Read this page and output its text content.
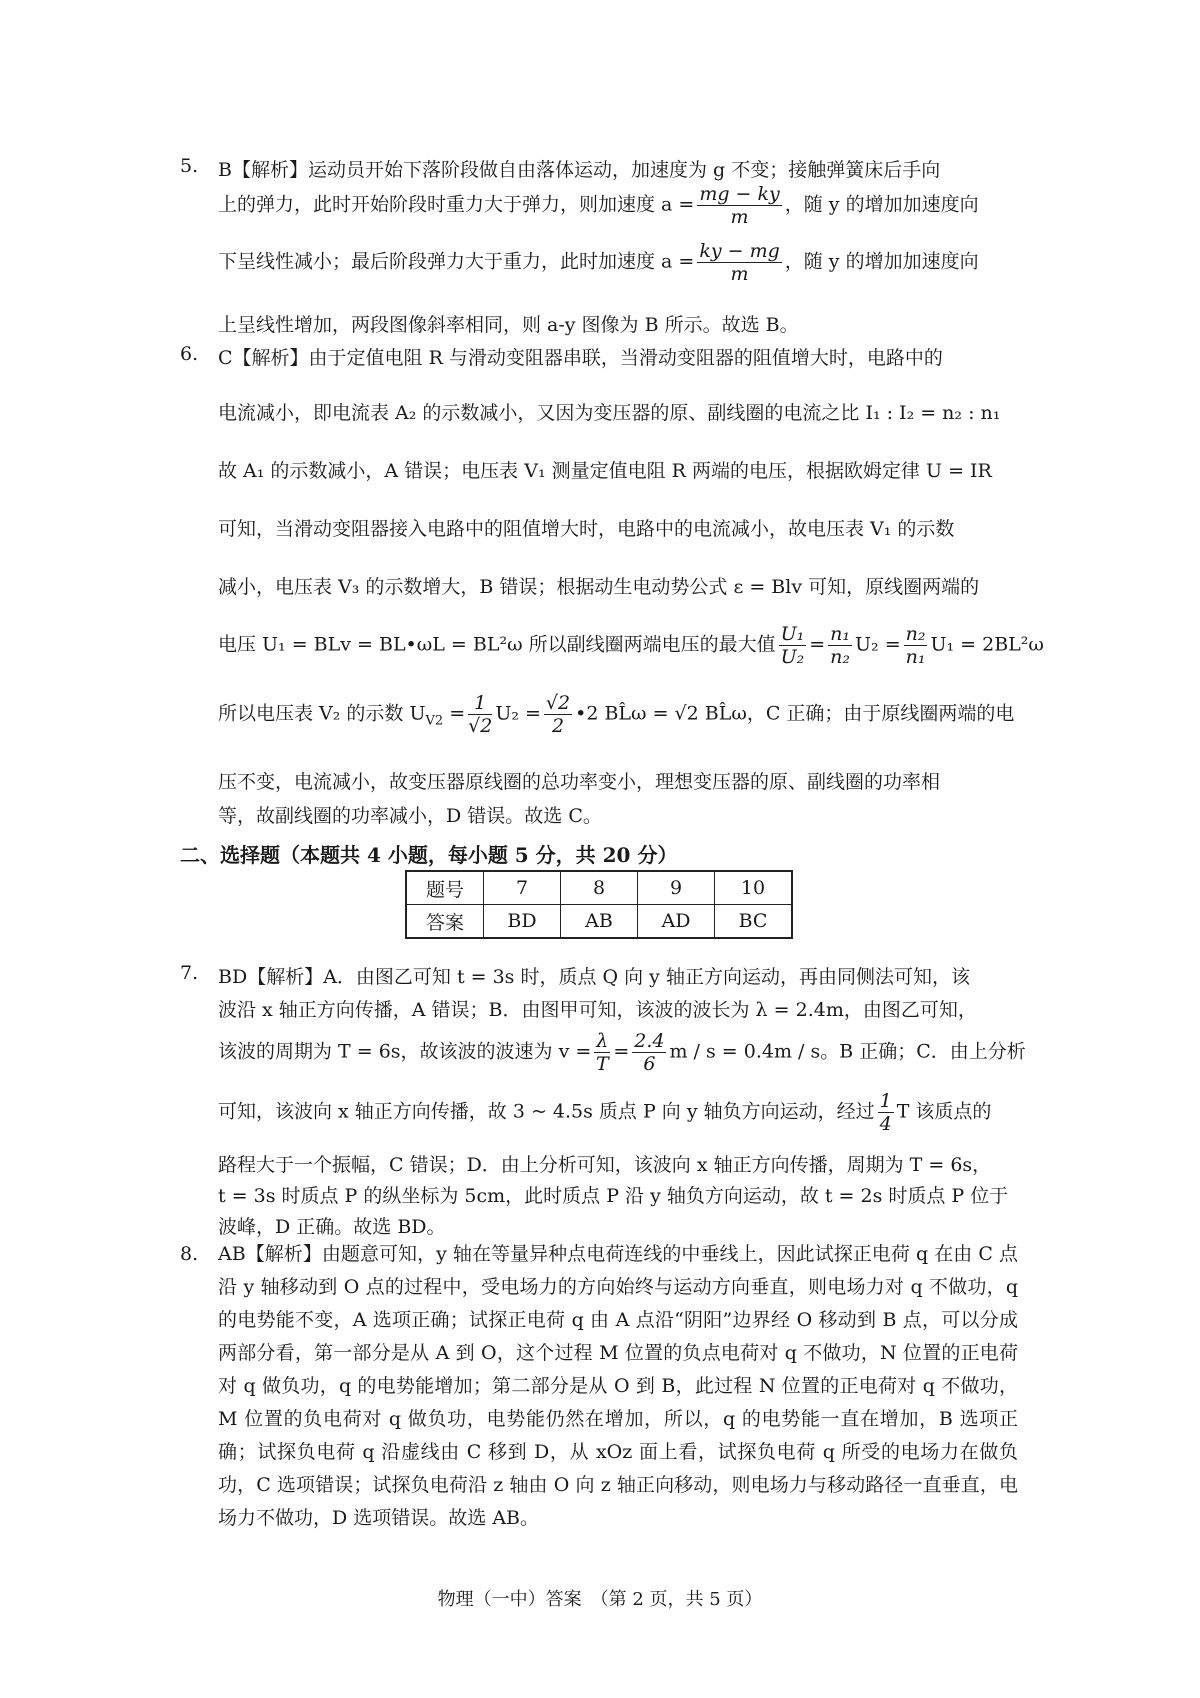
5. B【解析】运动员开始下落阶段做自由落体运动，加速度为 g 不变；接触弹簧床后手向
上的弹力，此时开始阶段时重力大于弹力，则加速度 $a = \frac{mg - ky}{m}$ ，随 y 的增加加速度向
下呈线性减小；最后阶段弹力大于重力，此时加速度 $a = \frac{ky - mg}{m}$ ，随 y 的增加加速度向
上呈线性增加，两段图像斜率相同，则 a-y 图像为 B 所示。故选 B。
6. C【解析】由于定值电阻 R 与滑动变阻器串联，当滑动变阻器的阻值增大时，电路中的
电流减小，即电流表 A₂ 的示数减小，又因为变压器的原、副线圈的电流之比 I₁ : I₂ = n₂ : n₁
故 A₁ 的示数减小，A 错误；电压表 V₁ 测量定值电阻 R 两端的电压，根据欧姆定律 U = IR
可知，当滑动变阻器接入电路中的阻值增大时，电路中的电流减小，故电压表 V₁ 的示数
减小，电压表 V₃ 的示数增大，B 错误；根据动生电动势公式 ε = Blv 可知，原线圈两端的
电压 U₁ = BLv = BL•ωL = BL²ω 所以副线圈两端电压的最大值 $\frac{\text{U₁}}{\text{U₂}} = \frac{\text{n₁}}{\text{n₂}} U_2 = \frac{\text{n₂}}{\text{n₁}} U_1 = 2BL^2\omega$
所以电压表 V₂ 的示数 $U_{V2} = \frac{1}{√2} U_2 = \frac{√2}{2}$ •2 BL̂ω = √2 BL̂ω，C 正确；由于原线圈两端的电
压不变，电流减小，故变压器原线圈的总功率变小，理想变压器的原、副线圈的功率相
等，故副线圈的功率减小，D 错误。故选 C。
二、选择题（本题共 4 小题，每小题 5 分，共 20 分）
题号	7	8	9	10
答案	BD	AB	AD	BC
7. BD【解析】A．由图乙可知 t = 3s 时，质点 Q 向 y 轴正方向运动，再由同侧法可知，该
波沿 x 轴正方向传播，A 错误；B．由图甲可知，该波的波长为 λ = 2.4m，由图乙可知，
该波的周期为 T = 6s，故该波的波速为 $v = \frac{\lambda}{T} = \frac{2.4}{6}$ m / s = 0.4m / s。B 正确；C．由上分析
可知，该波向 x 轴正方向传播，故 3 ~ 4.5s 质点 P 向 y 轴负方向运动，经过 $\frac{1}{4}$ T 该质点的
路程大于一个振幅，C 错误；D．由上分析可知，该波向 x 轴正方向传播，周期为 T = 6s，
t = 3s 时质点 P 的纵坐标为 5cm，此时质点 P 沿 y 轴负方向运动，故 t = 2s 时质点 P 位于
波峰，D 正确。故选 BD。
8. AB【解析】由题意可知，y 轴在等量异种点电荷连线的中垂线上，因此试探正电荷 q 在由 C 点沿 y 轴移动到 O 点的过程中，受电场力的方向始终与运动方向垂直，则电场力对 q 不做功，q 的电势能不变，A 选项正确；试探正电荷 q 由 A 点沿“阴阳”边界经 O 移动到 B 点，可以分成两部分看，第一部分是从 A 到 O，这个过程 M 位置的负点电荷对 q 不做功，N 位置的正电荷对 q 做负功，q 的电势能增加；第二部分是从 O 到 B，此过程 N 位置的正电荷对 q 不做功，M 位置的负电荷对 q 做负功，电势能仍然在增加，所以，q 的电势能一直在增加，B 选项正确；试探负电荷 q 沿虚线由 C 移到 D，从 xOz 面上看，试探负电荷 q 所受的电场力在做负功，C 选项错误；试探负电荷沿 z 轴由 O 向 z 轴正向移动，则电场力与移动路径一直垂直，电场力不做功，D 选项错误。故选 AB。
物理（一中）答案　（第 2 页，共 5 页）
